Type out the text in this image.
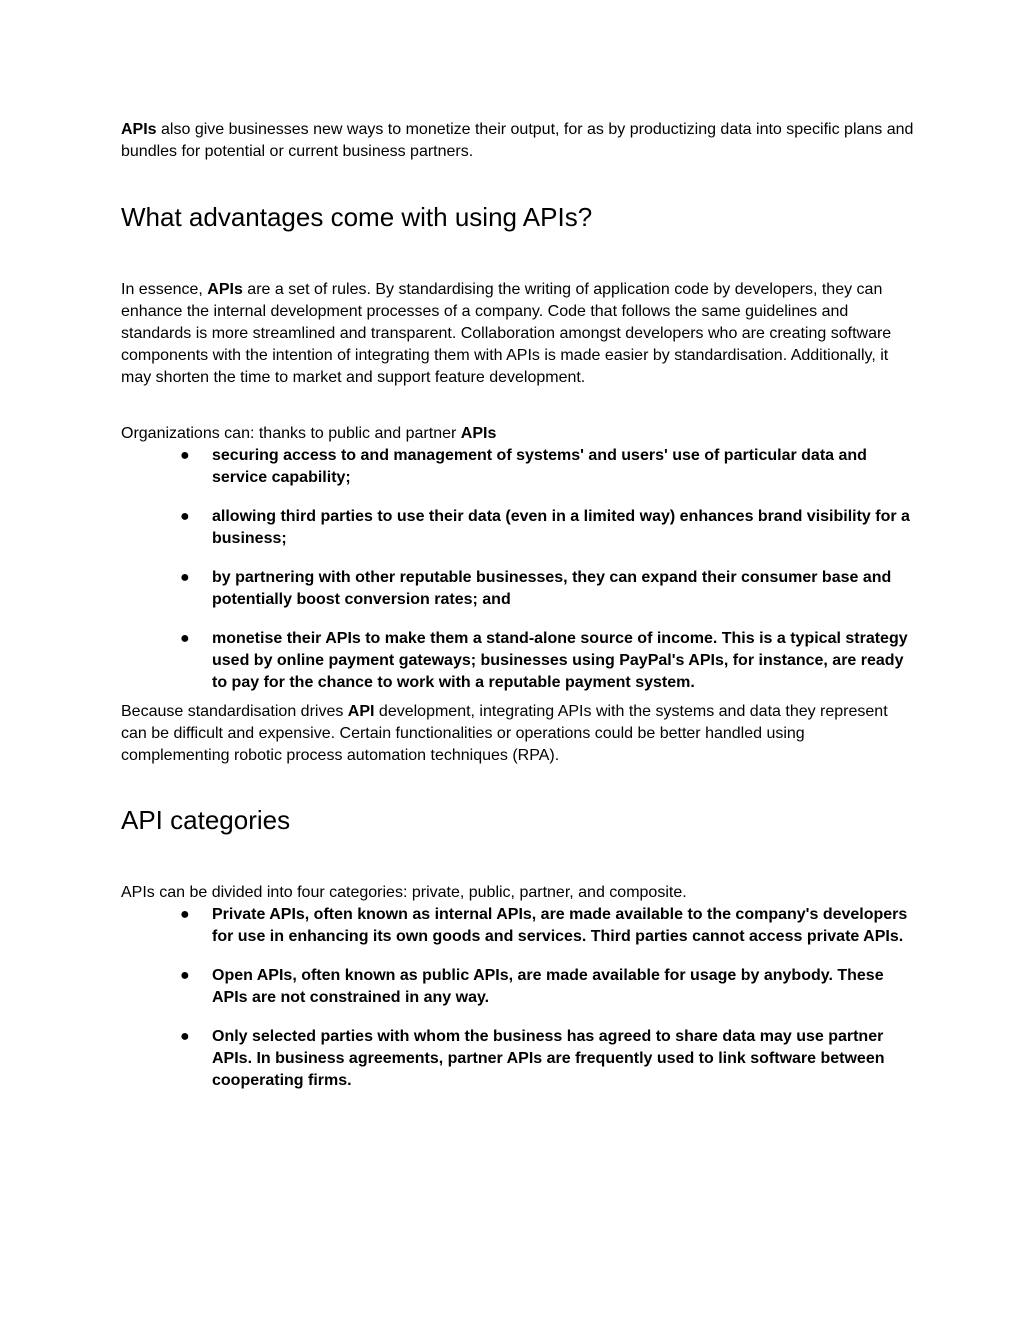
APIs also give businesses new ways to monetize their output, for as by productizing data into specific plans and bundles for potential or current business partners.

What advantages come with using APIs?

In essence, APIs are a set of rules. By standardising the writing of application code by developers, they can enhance the internal development processes of a company. Code that follows the same guidelines and standards is more streamlined and transparent. Collaboration amongst developers who are creating software components with the intention of integrating them with APIs is made easier by standardisation. Additionally, it may shorten the time to market and support feature development.

Organizations can: thanks to public and partner APIs

● securing access to and management of systems' and users' use of particular data and service capability;
● allowing third parties to use their data (even in a limited way) enhances brand visibility for a business;
● by partnering with other reputable businesses, they can expand their consumer base and potentially boost conversion rates; and
● monetise their APIs to make them a stand-alone source of income. This is a typical strategy used by online payment gateways; businesses using PayPal's APIs, for instance, are ready to pay for the chance to work with a reputable payment system.

Because standardisation drives API development, integrating APIs with the systems and data they represent can be difficult and expensive. Certain functionalities or operations could be better handled using complementing robotic process automation techniques (RPA).

API categories

APIs can be divided into four categories: private, public, partner, and composite.

● Private APIs, often known as internal APIs, are made available to the company's developers for use in enhancing its own goods and services. Third parties cannot access private APIs.
● Open APIs, often known as public APIs, are made available for usage by anybody. These APIs are not constrained in any way.
● Only selected parties with whom the business has agreed to share data may use partner APIs. In business agreements, partner APIs are frequently used to link software between cooperating firms.
